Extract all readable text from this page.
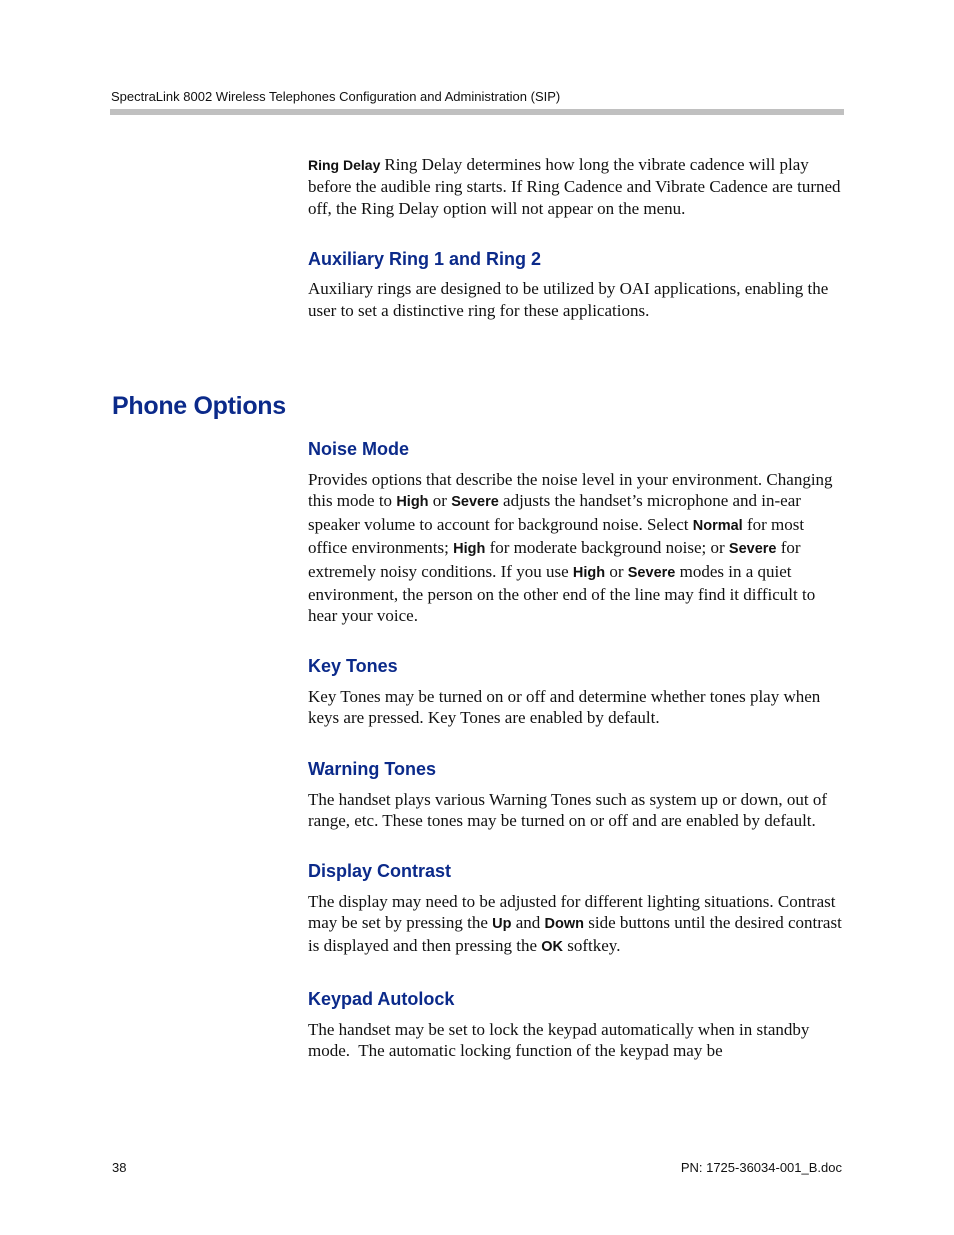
SpectraLink 8002 Wireless Telephones Configuration and Administration (SIP)
Phone Options

Ring Delay Ring Delay determines how long the vibrate cadence will play before the audible ring starts. If Ring Cadence and Vibrate Cadence are turned off, the Ring Delay option will not appear on the menu.

Auxiliary Ring 1 and Ring 2

Auxiliary rings are designed to be utilized by OAI applications, enabling the user to set a distinctive ring for these applications.

Noise Mode

Provides options that describe the noise level in your environment. Changing this mode to High or Severe adjusts the handset’s microphone and in-ear speaker volume to account for background noise. Select Normal for most office environments; High for moderate background noise; or Severe for extremely noisy conditions. If you use High or Severe modes in a quiet environment, the person on the other end of the line may find it difficult to hear your voice.

Key Tones

Key Tones may be turned on or off and determine whether tones play when keys are pressed. Key Tones are enabled by default.

Warning Tones

The handset plays various Warning Tones such as system up or down, out of range, etc. These tones may be turned on or off and are enabled by default.

Display Contrast

The display may need to be adjusted for different lighting situations. Contrast may be set by pressing the Up and Down side buttons until the desired contrast is displayed and then pressing the OK softkey.

Keypad Autolock

The handset may be set to lock the keypad automatically when in standby mode.  The automatic locking function of the keypad may be

38	PN: 1725-36034-001_B.doc
